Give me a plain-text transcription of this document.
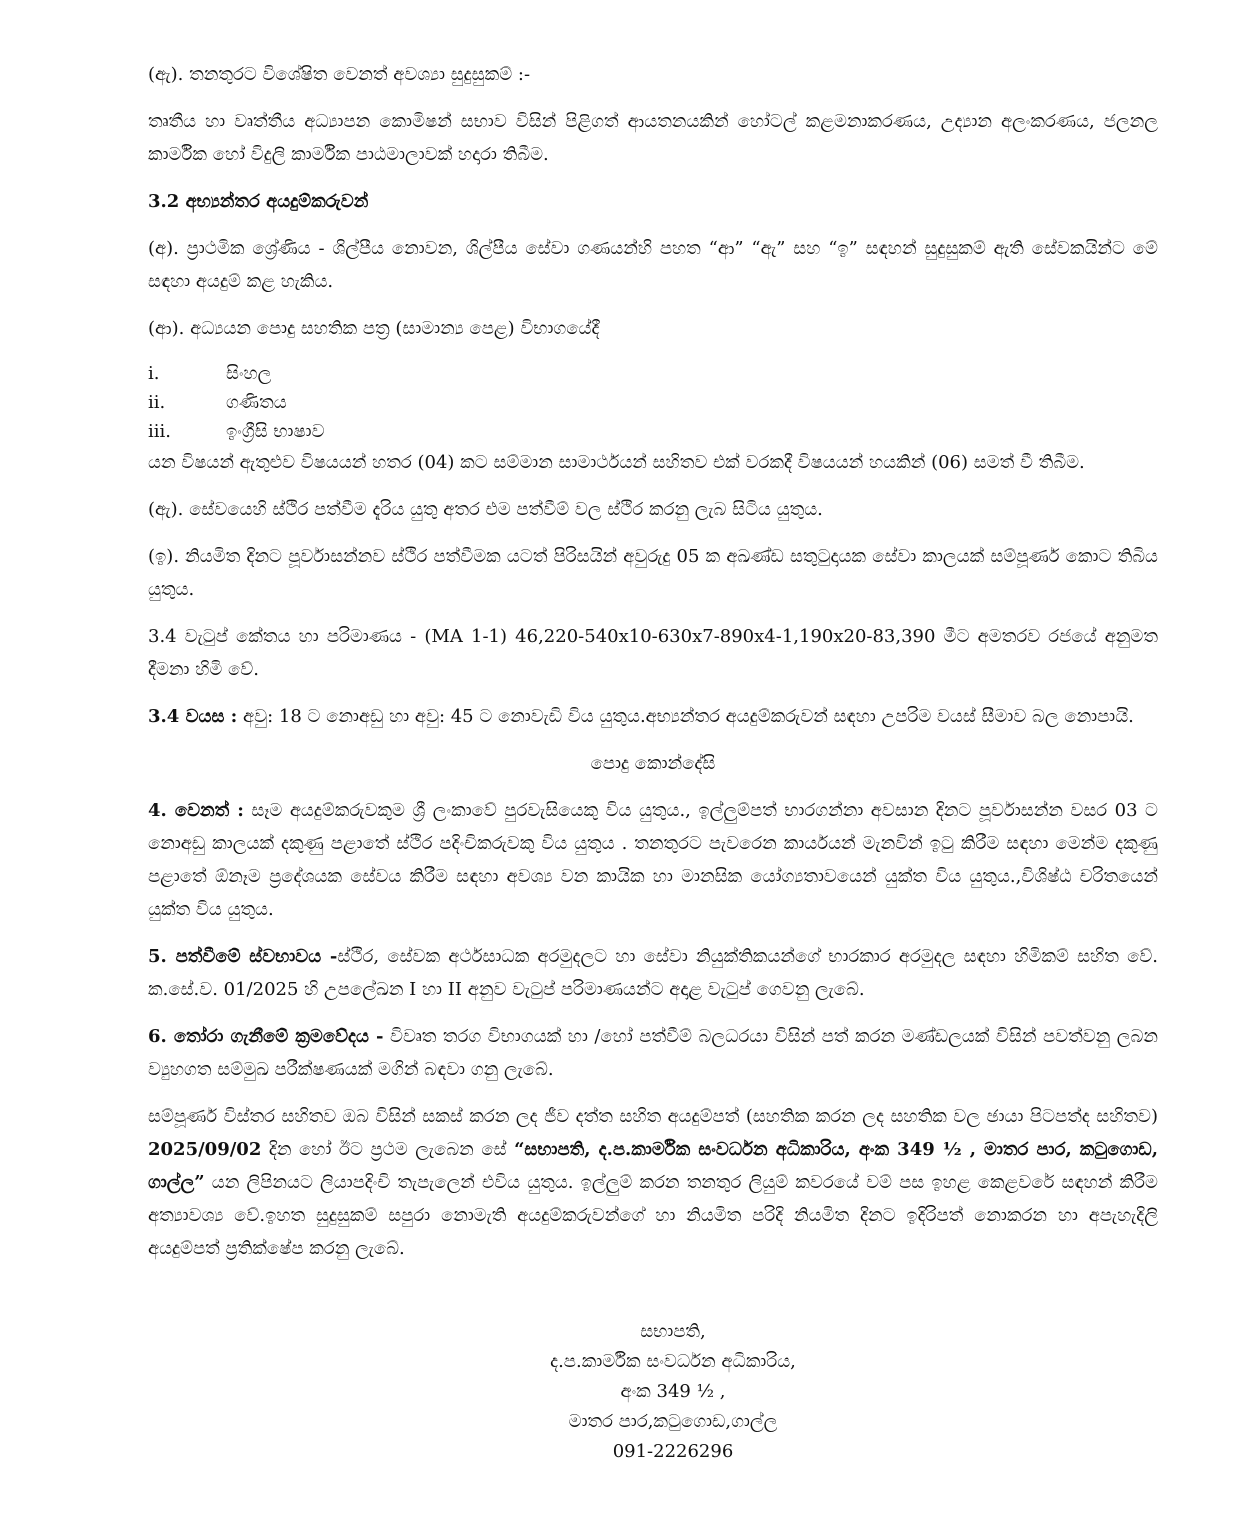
(ඇ). තනතුරට විශේෂිත වෙනත් අවශ්‍යා සුදුසුකම් :-

තෘතීය හා වෘත්තීය අධ්‍යාපන කොමිෂන් සභාව විසින් පිළිගත් ආයතනයකින් හෝටල් කළමනාකරණය, උද්‍යාන අලංකරණය, ජලනල කාර්මික හෝ විදුලි කාර්මික පාඨමාලාවක් හදාරා තිබීම.

3.2 අභ්‍යන්තර අයදුම්කරුවන්

(අ). ප්‍රාථමික ශ්‍රේණිය - ශිල්පීය නොවන, ශිල්පීය සේවා ගණයන්හි පහත “ආ” “ඇ” සහ “ඉ” සඳහන් සුදුසුකම් ඇති සේවකයින්ට මේ සඳහා අයදුම් කළ හැකිය.

(ආ). අධ්‍යයන පොදු සහතික පත්‍ර (සාමාන්‍ය පෙළ) විභාගයේදී

i.	සිංහල
ii.	ගණිතය
iii.	ඉංග්‍රීසි භාෂාව

යන විෂයන් ඇතුළුව විෂයයන් හතර (04) කට සම්මාන සාමාර්ථයන් සහිතව එක් වරකදී විෂයයන් හයකින් (06) සමත් වී තිබීම.

(ඇ). සේවයෙහි ස්ථිර පත්වීම දැරිය යුතු අතර එම පත්වීම් වල ස්ථිර කරනු ලැබ සිටිය යුතුය.

(ඉ). නියමිත දිනට පූර්වාසන්නව ස්ථිර පත්වීමක යටත් පිරිසයින් අවුරුදු 05 ක අඛණ්ඩ සතුටුදායක සේවා කාලයක් සම්පූර්ණ කොට තිබිය යුතුය.

3.4 වැටුප් කේතය හා පරිමාණය - (MA 1-1) 46,220-540x10-630x7-890x4-1,190x20-83,390 මීට අමතරව රජයේ අනුමත දීමනා හිමි වේ.

3.4 වයස : අවු: 18 ට නොඅඩු හා අවු: 45 ට නොවැඩි විය යුතුය.අභ්‍යන්තර අයදුම්කරුවන් සඳහා උපරිම වයස් සීමාව බල නොපායි.

පොදු කොන්දේසි

4. වෙනත් : සෑම අයදුම්කරුවකුම ශ්‍රී ලංකාවේ පුරවැසියෙකු විය යුතුය., ඉල්ලුම්පත් භාරගන්නා අවසාන දිනට පූර්වාසන්න වසර 03 ට නොඅඩු කාලයක් දකුණු පළාතේ ස්ථිර පදිංචිකරුවකු විය යුතුය . තනතුරට පැවරෙන කාර්යයන් මැනවින් ඉටු කිරීම සඳහා මෙන්ම දකුණු පළාතේ ඕනෑම ප්‍රදේශයක සේවය කිරීම සඳහා අවශ්‍ය වන කායික හා මානසික යෝග්‍යතාවයෙන් යුක්ත විය යුතුය.,විශිෂ්ඨ චරිතයෙන් යුක්ත විය යුතුය.

5. පත්වීමේ ස්වභාවය -ස්ථිර, සේවක අර්ථසාධක අරමුදලට හා සේවා නියුක්තිකයන්ගේ භාරකාර අරමුදල සඳහා හිමිකම් සහිත වේ. ක.සේ.ව. 01/2025 හි උපලේඛන I හා II අනුව වැටුප් පරිමාණයන්ට අදාළ වැටුප් ගෙවනු ලැබේ.

6. තෝරා ගැනීමේ ක්‍රමවේදය - විවෘත තරග විභාගයක් හා /හෝ පත්වීම් බලධරයා විසින් පත් කරන මණ්ඩලයක් විසින් පවත්වනු ලබන ව්‍යුහගත සම්මුඛ පරීක්ෂණයක් මගින් බඳවා ගනු ලැබේ.

සම්පූර්ණ විස්තර සහිතව ඔබ විසින් සකස් කරන ලද ජීව දත්ත සහිත අයදුම්පත් (සහතික කරන ලද සහතික වල ඡායා පිටපත්ද සහිතව) 2025/09/02 දින හෝ ඊට ප්‍රථම ලැබෙන සේ “සභාපති, ද.ප.කාර්මික සංවර්ධන අධිකාරිය, අංක 349 ½ , මාතර පාර, කටුගොඩ, ගාල්ල” යන ලිපිනයට ලියාපදිංචි තැපැලෙන් එවිය යුතුය. ඉල්ලුම් කරන තනතුර ලියුම් කවරයේ වම් පස ඉහළ කෙළවරේ සඳහන් කිරීම අත්‍යාවශ්‍ය වේ.ඉහත සුදුසුකම් සපුරා නොමැති අයදුම්කරුවන්ගේ හා නියමිත පරිදි නියමිත දිනට ඉදිරිපත් නොකරන හා අපැහැදිලි අයදුම්පත් ප්‍රතික්ෂේප කරනු ලැබේ.

සභාපති,
ද.ප.කාර්මික සංවර්ධන අධිකාරිය,
අංක 349 ½ ,
මාතර පාර,කටුගොඩ,ගාල්ල
091-2226296
